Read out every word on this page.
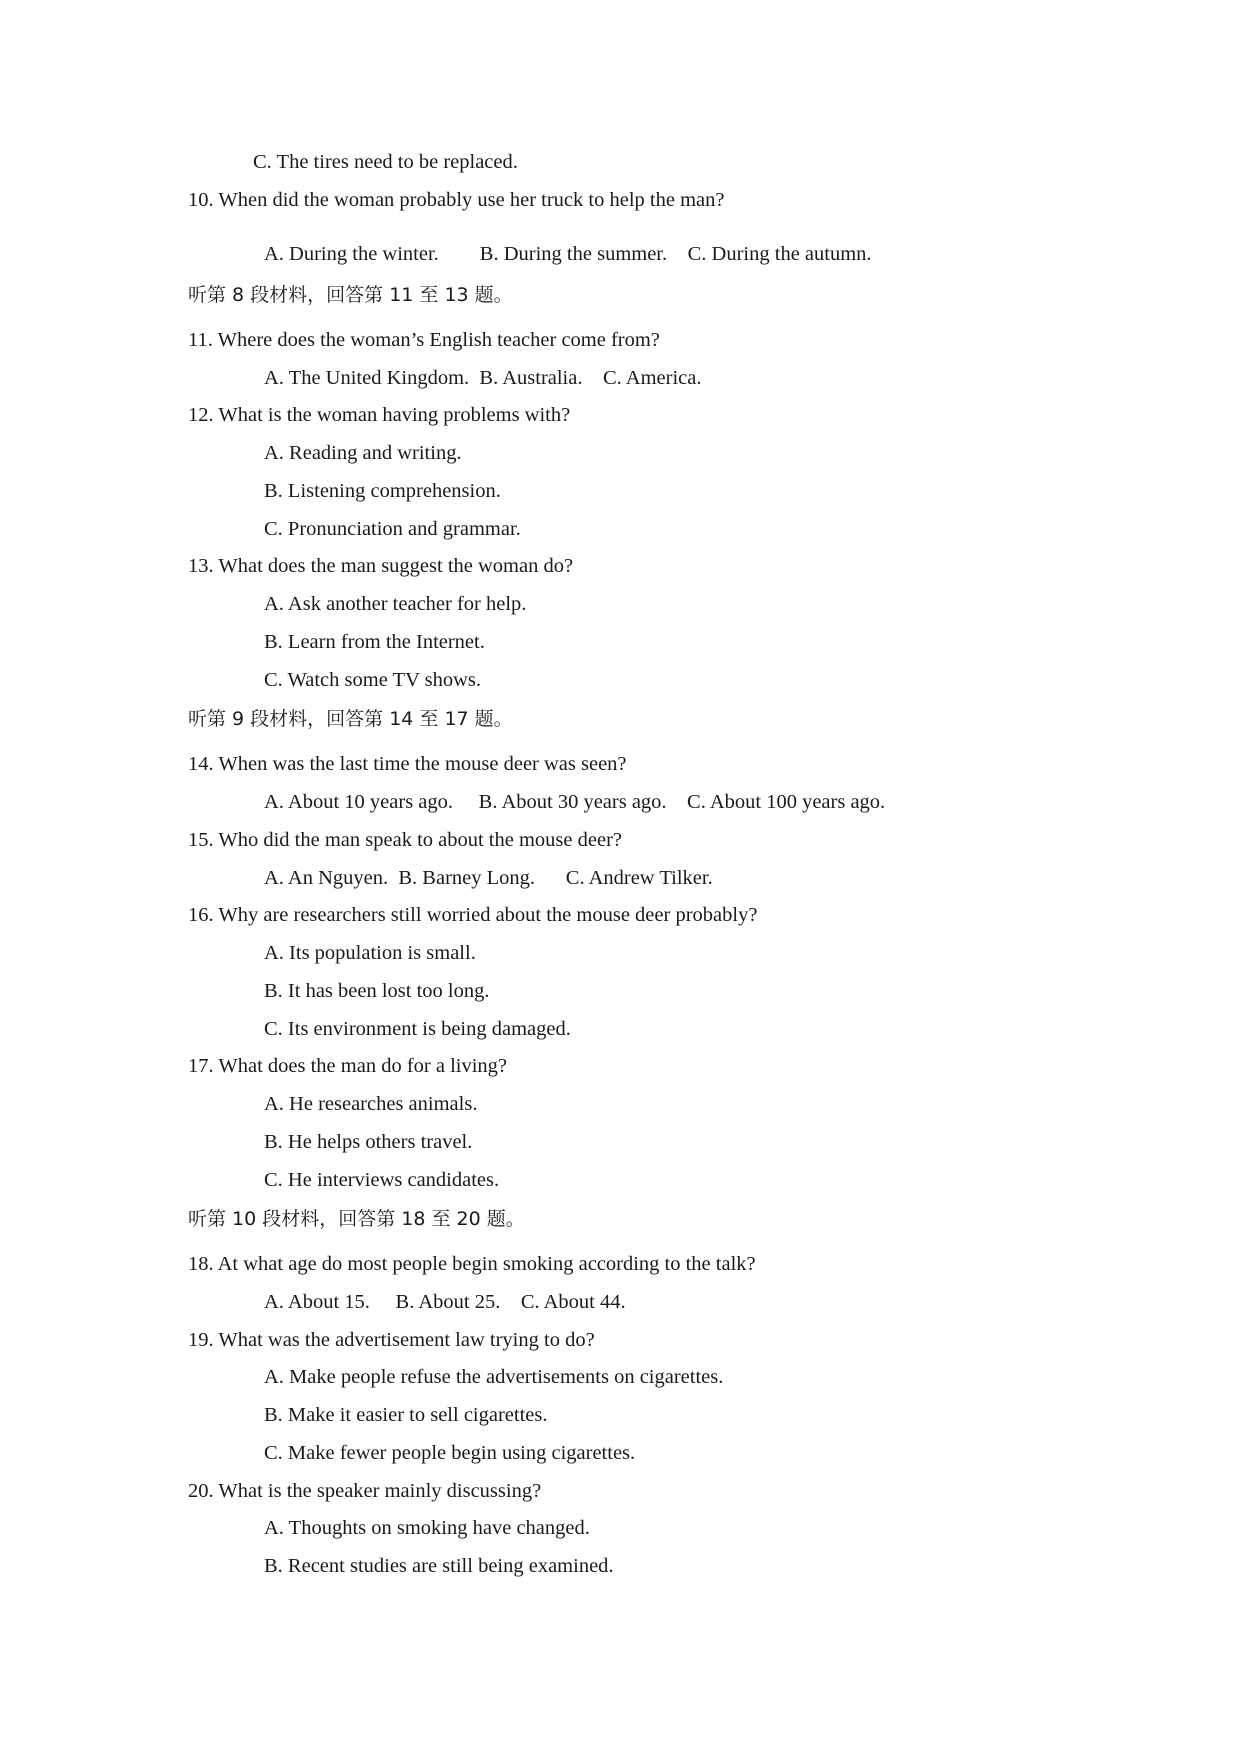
C. The tires need to be replaced.
10. When did the woman probably use her truck to help the man?
A. During the winter.        B. During the summer.    C. During the autumn.
听第 8 段材料，回答第 11 至 13 题。
11. Where does the woman’s English teacher come from?
A. The United Kingdom.  B. Australia.    C. America.
12. What is the woman having problems with?
A. Reading and writing.
B. Listening comprehension.
C. Pronunciation and grammar.
13. What does the man suggest the woman do?
A. Ask another teacher for help.
B. Learn from the Internet.
C. Watch some TV shows.
听第 9 段材料，回答第 14 至 17 题。
14. When was the last time the mouse deer was seen?
A. About 10 years ago.     B. About 30 years ago.    C. About 100 years ago.
15. Who did the man speak to about the mouse deer?
A. An Nguyen.  B. Barney Long.      C. Andrew Tilker.
16. Why are researchers still worried about the mouse deer probably?
A. Its population is small.
B. It has been lost too long.
C. Its environment is being damaged.
17. What does the man do for a living?
A. He researches animals.
B. He helps others travel.
C. He interviews candidates.
听第 10 段材料，回答第 18 至 20 题。
18. At what age do most people begin smoking according to the talk?
A. About 15.     B. About 25.    C. About 44.
19. What was the advertisement law trying to do?
A. Make people refuse the advertisements on cigarettes.
B. Make it easier to sell cigarettes.
C. Make fewer people begin using cigarettes.
20. What is the speaker mainly discussing?
A. Thoughts on smoking have changed.
B. Recent studies are still being examined.
